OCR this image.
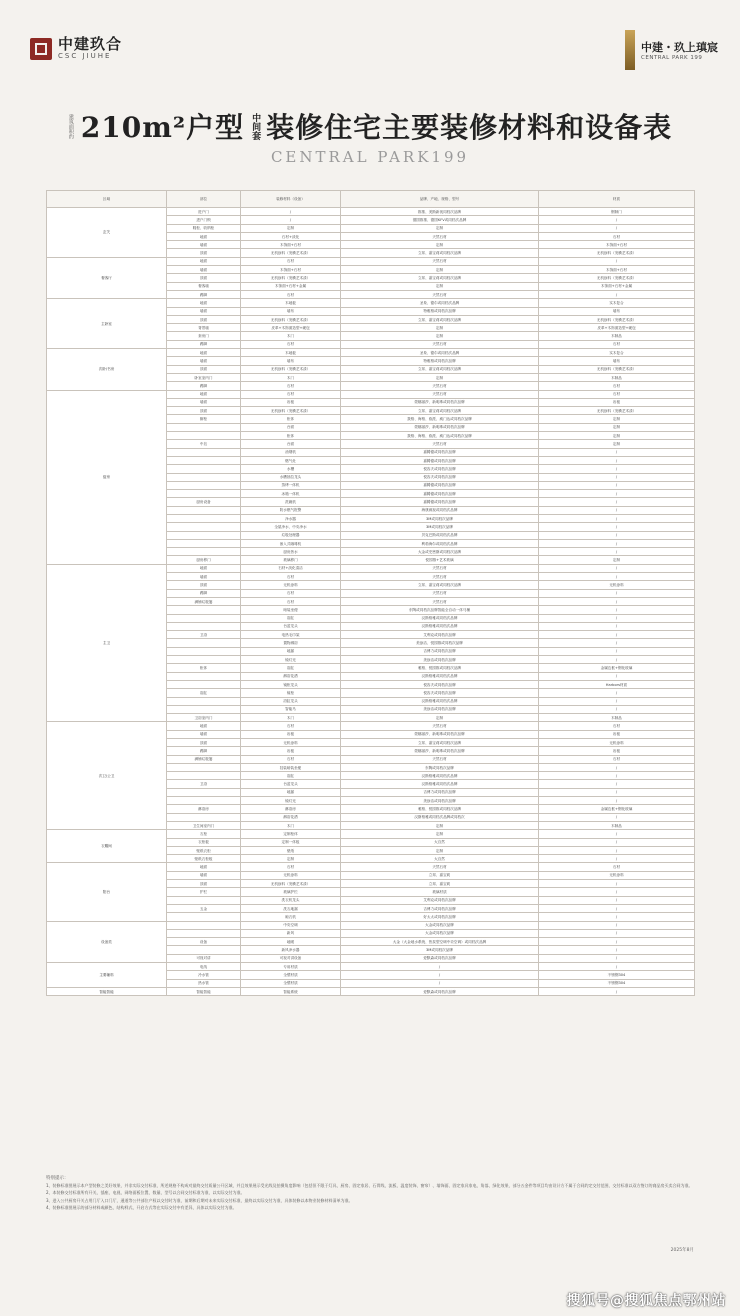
中建玖合
CSC JIUHE
中建・玖上瑱宸
CENTRAL PARK 199
建筑面积约 210m²户型 中间套 装修住宅主要装修材料和设备表
CENTRAL PARK199
区域	部位	装修材料（设备）	品牌、产地、规格、型号	材质
玄关	进户门	/	推推、美斯新视同档次品牌	钢制门
	进户门锁	/	德国推推、德国KFV或同档次品牌	/
	鞋柜、收纳柜	定制	定制	/
	地面	石材+淡化	天然石材	石材
	墙面	木饰面+石材	定制	木饰面+石材
	顶面	无机涂料（发横艺术漆）	立邦、嘉宝莉或同档次品牌	无机涂料（发横艺术漆）
餐客厅	地面	石材	天然石材	/
	墙面	木饰面+石材	定制	木饰面+石材
	顶面	无机涂料（发横艺术漆）	立邦、嘉宝莉或同档次品牌	无机涂料（发横艺术漆）
	餐客墙	木饰面+石材+金属	定制	木饰面+石材+金属
	踢脚	石材	天然石材	/
主卧室	地面	木地板	圣象、德尔或同档次品牌	实木复合
	墙面	墙布	特雅格或同档次品牌	墙布
	顶面	无机涂料（发横艺术漆）	立邦、嘉宝莉或同档次品牌	无机涂料（发横艺术漆）
	背景墙	皮革+木饰面造型+硬包	定制	皮革+木饰面造型+硬包
	套房门	木门	定制	木制品
	踢脚	石材	天然石材	石材
次卧/书房	地面	木地板	圣象、德尔或同档次品牌	实木复合
	墙面	墙布	特雅格或同档次品牌	墙布
	顶面	无机涂料（发横艺术漆）	立邦、嘉宝莉或同档次品牌	无机涂料（发横艺术漆）
	卧室室内门	木门	定制	木制品
	踢脚	石材	天然石材	石材
厨房	地面	石材	天然石材	石材
	墙面	岩板	蒙娜丽莎、新明珠或同档次品牌	岩板
	顶面	无机涂料（发横艺术漆）	立邦、嘉宝莉或同档次品牌	无机涂料（发横艺术漆）
	橱柜	柜体	我格、海格、欧派、威门达或同档次品牌	定制
		台面	蒙娜丽莎、新明珠或同档次品牌	定制
		柜体	我格、海格、欧派、威门达或同档次品牌	定制
	中岛	台面	天然石材	定制
		油烟机	嘉腾德或同档次品牌	/
		燃气灶	嘉腾德或同档次品牌	/
		水槽	悦容夫或同档次品牌	/
		水槽抽拉龙头	悦容夫或同档次品牌	/
		蒸烤一体机	嘉腾德或同档次品牌	/
		冰箱一体机	嘉腾德或同档次品牌	/
	厨房设备	洗碗机	嘉腾德或同档次品牌	/
		防水燃气报警	海康威视或同档次品牌	/
		净水器	3M或同档次品牌	/
		全屋净水、中央净水	3M或同档次品牌	/
		垃圾处理器	贝克巴斯或同档次品牌	/
		嵌入式咖啡机	利勃海尔或同档次品牌	/
		厨房热水	大金或史密斯或同档次品牌	/
	厨房移门	玻璃移门	悦园推+艺术玻璃	定制
主卫	地面	石材+淡化清洁	天然石材	/
	墙面	石材	天然石材	/
	顶面	无机涂料	立邦、嘉宝莉或同档次品牌	无机涂料
	踢脚	石材	天然石材	/
	满铺垃圾篓	石材	天然石材	/
		暗装坐便	东陶或同档次品牌智能全自动一体马桶	/
		浴缸	汉斯格雅或同档次品牌	/
		台盆龙头	汉斯格雅或同档次品牌	/
	卫浴	电热毛巾架	艾利克或同档次品牌	/
		置物淋浴	美涂洁、悦园推或同档次品牌	/
		地漏	吉博力或同档次品牌	/
		镜灯光	美涂洁或同档次品牌	/
	柜体	浴缸	雅格、悦园推或同档次品牌	金属边框+钢化玻璃
		淋浴花洒	汉斯格雅或同档次品牌	/
		镜柜龙头	悦容夫或同档次品牌	Harbors材质
	浴缸	镜柜	悦容夫或同档次品牌	/
		浴缸龙头	汉斯格雅或同档次品牌	/
		智能马	美涂洁或同档次品牌	/
	卫浴室内门	木门	定制	木制品
次卫/公卫	地面	石材	天然石材	石材
	墙面	岩板	蒙娜丽莎、新明珠或同档次品牌	岩板
	顶面	无机涂料	立邦、嘉宝莉或同档次品牌	无机涂料
	踢脚	岩板	蒙娜丽莎、新明珠或同档次品牌	岩板
	满铺垃圾篓	石材	天然石材	石材
		挂装暗装坐便	东陶或同档次品牌	/
		浴缸	汉斯格雅或同档次品牌	/
	卫浴	台盆龙头	汉斯格雅或同档次品牌	/
		地漏	吉博力或同档次品牌	/
		镜灯光	美涂洁或同档次品牌	/
	淋浴房	淋浴房	雅格、悦园推或同档次品牌	金属边框+钢化玻璃
		淋浴花洒	汉斯格雅或同档次品牌或同档次	/
	卫生间室内门	木门	定制	木制品
衣帽间	衣柜	定制柜体	定制	/
	衣柜板	定制一体板	大自然	/
	壁纸衣柜	壁纸	定制	/
	壁纸衣柜板	定制	大自然	/
阳台	地面	石材	天然石材	石材
	墙面	无机涂料	立邦、嘉宝莉	无机涂料
	顶面	无机涂料（发横艺术漆）	立邦、嘉宝莉	/
	护栏	玻璃护栏	玻璃材质	/
		洗衣机龙头	艾利克或同档次品牌	/
	五金	洗衣地漏	吉博力或同档次品牌	/
		晾衣机	好太太或同档次品牌	/
设备类		中央空调	大金或同档次品牌	/
		新风	大金或同档次品牌	/
	设备	地暖	大金（大金地水系统、热泵型空调中央空调）或同档次品牌	/
		新风净水器	3M或同档次品牌	/
	可视对讲	可视对讲设备	爱默森或同档次品牌	/
主要辅料	电线	专用材质	/	/
	冷水管	全塑材质	/	不锈钢304
	热水管	全塑材质	/	不锈钢304
智能智能	智能智能	智能系统	爱默森或同档次品牌	/
特别提示：
1、装修标准图展示本户型装修之美好效果，并非实际交付标准，所述规格不构成对最终交付质量公开区域，并且效果展示受光线及拍摄角度影响（包括但不限于灯具、厨房、固定家居、石膏线、流板、温度装饰、窗帘）、墙饰面、固定家具家电、角落、绿化效果，部分五金件等项目均由设计方不属于合同约定交付范围，交付标准以双方签订的商品房买卖合同为准。
2、本装修交付标准所有开关、插座、电视、网络面板位置、数量、型号以合同交付标准为准，以实际交付为准。
3、进入公共厨房开关占用门厅入口门厅，通道等公共部位产权以交付时为准，前期和后期对未来实际交付标准，最终以实际交付为准，具体装修以本物业装修材料清单为准。
4、装修标准图展示的部分材料或颜色、结构样式、开启方式等在实际交付中有差异，具体以实际交付为准。
2025年8月
搜狐号@搜狐焦点鄂州站
